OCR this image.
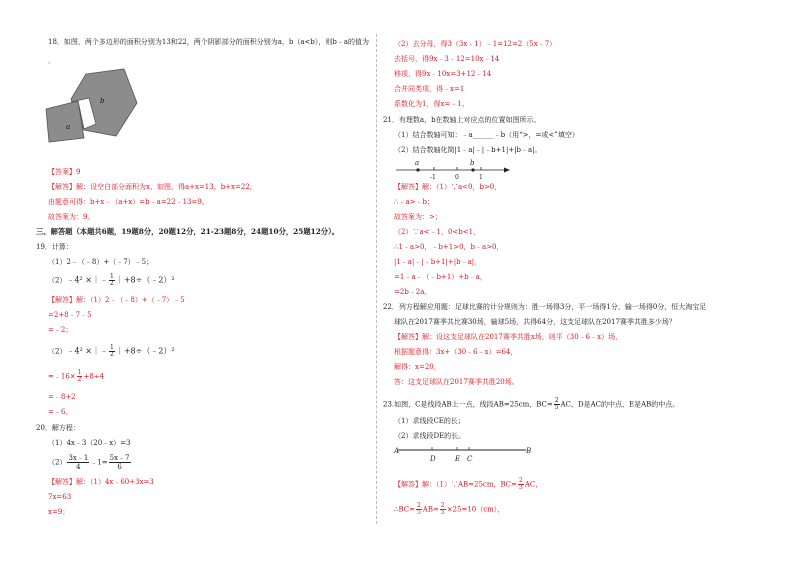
18．如图，两个多边形的面积分别为13和22，两个阴影部分的面积分别为a，b（a<b），则b﹣a的值为
．
b
a
【答案】9
【解答】解：设空白部分面积为x，如图，得a+x=13，b+x=22，
由题意可得：b+x﹣（a+x）=b﹣a=22﹣13=9。
故答案为：9。
三、解答题（本题共6题，19题8分，20题12分，21-23题8分，24题10分，25题12分）。
19．计算：
（1）2﹣（﹣8）+（﹣7）﹣5；
（2）﹣4² ×｜﹣ $\frac{1}{2}$ ｜+8÷（﹣2）²
【解答】解：（1）2﹣（﹣8）+（﹣7）﹣5
=2+8﹣7﹣5
=﹣2；
（2）﹣4² ×｜﹣ $\frac{1}{2}$ ｜+8÷（﹣2）²
=﹣16× $\frac{1}{2} +8\div 4$
=﹣8+2
=﹣6。
20．解方程：
（1）4x﹣3（20﹣x）=3
$(2) \frac{3x﹣1}{4}$ ﹣1= $\frac{5x﹣7}{6}$
【解答】解：（1）4x﹣60+3x=3
7x=63
x=9；
（2）去分母，得3（3x﹣1）﹣1=12=2（5x﹣7）
去括号，得9x﹣3﹣12=10x﹣14
移项，得9x﹣10x=3+12﹣14
合并同类项，得﹣x=1
系数化为1，得x=﹣1。
21．有理数a，b在数轴上对应点的位置如图所示。
（1）结合数轴可知：﹣a______﹣b（用“>，=或<”填空）
（2）结合数轴化简|1﹣a|﹣|﹣b+1|+|b﹣a|。
a	b
-1	0	1
【解答】解：（1）∵a<0，b>0，
∴﹣a>﹣b；
故答案为：>；
（2）∵a<﹣1，0<b<1，
∴1﹣a>0，﹣b+1>0，b﹣a>0，
|1﹣a|﹣|﹣b+1|+|b﹣a|，
=1﹣a﹣（﹣b+1）+b﹣a，
=2b﹣2a。
22．列方程解应用题：足球比赛的计分规则为：胜一场得3分，平一场得1分，输一场得0分，恒大淘宝足
球队在2017赛季共比赛30场，输球5场，共得64分，这支足球队在2017赛季共胜多少场？
【解答】解：设这支足球队在2017赛季共胜x场，则平（30﹣6﹣x）场，
根据题意得：3x+（30﹣6﹣x）=64，
解得：x=20，
答：这支足球队在2017赛季共胜20场。
23.如图，C是线段AB上一点，线段AB=25cm，$BC= \frac{2}{5}$ AC，D是AC的中点，E是AB的中点。
（1）求线段CE的长；
（2）求线段DE的长。
A
D	E C
B
【解答】解：（1）∵AB=25cm，$BC= \frac{2}{3}$ AC，
∴BC= $\frac{2}{5} AB= \frac{2}{5} \times 25=10(cm)$，
